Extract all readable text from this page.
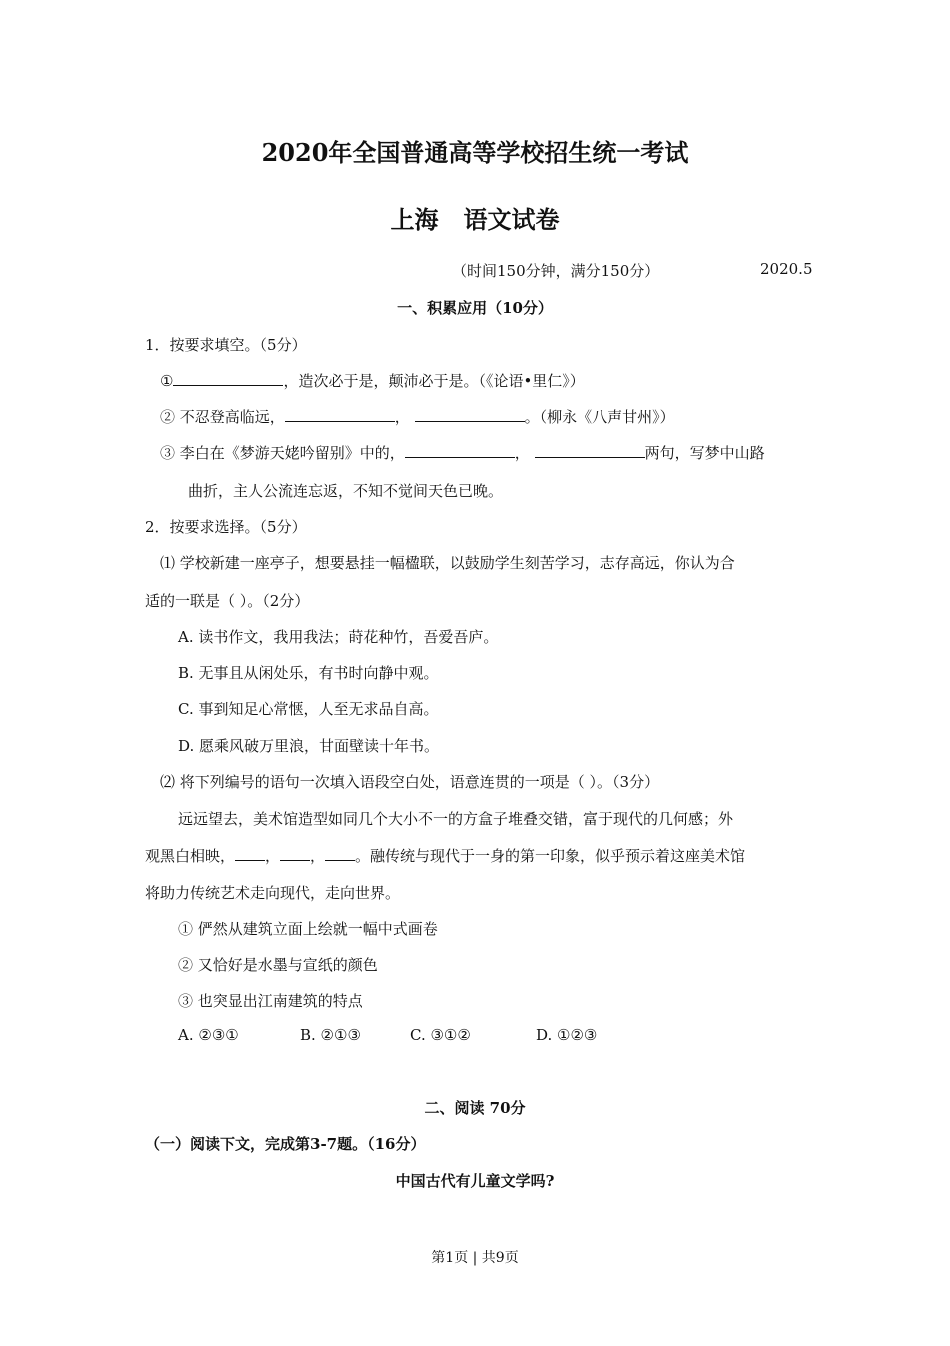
2020年全国普通高等学校招生统一考试
上海   语文试卷
（时间150分钟，满分150分）	2020.5
一、积累应用（10分）
1．按要求填空。（5分）
①	，造次必于是，颠沛必于是。（《论语•里仁》）
② 不忍登高临远，	，	。（柳永《八声甘州》）
③ 李白在《梦游天姥吟留别》中的，	，	两句，写梦中山路
曲折，主人公流连忘返，不知不觉间天色已晚。
2．按要求选择。（5分）
⑴ 学校新建一座亭子，想要悬挂一幅楹联，以鼓励学生刻苦学习，志存高远，你认为合
适的一联是（ ）。（2分）
A. 读书作文，我用我法；莳花种竹，吾爱吾庐。
B. 无事且从闲处乐，有书时向静中观。
C. 事到知足心常惬，人至无求品自高。
D. 愿乘风破万里浪，甘面壁读十年书。
⑵ 将下列编号的语句一次填入语段空白处，语意连贯的一项是（ ）。（3分）
远远望去，美术馆造型如同几个大小不一的方盒子堆叠交错，富于现代的几何感；外
观黑白相映， ， ， 。融传统与现代于一身的第一印象，似乎预示着这座美术馆
将助力传统艺术走向现代，走向世界。
① 俨然从建筑立面上绘就一幅中式画卷
② 又恰好是水墨与宣纸的颜色
③ 也突显出江南建筑的特点
A. ②③①	B. ②①③	C. ③①②	D. ①②③
二、阅读 70分
（一）阅读下文，完成第3-7题。（16分）
中国古代有儿童文学吗?
第1页 | 共9页
